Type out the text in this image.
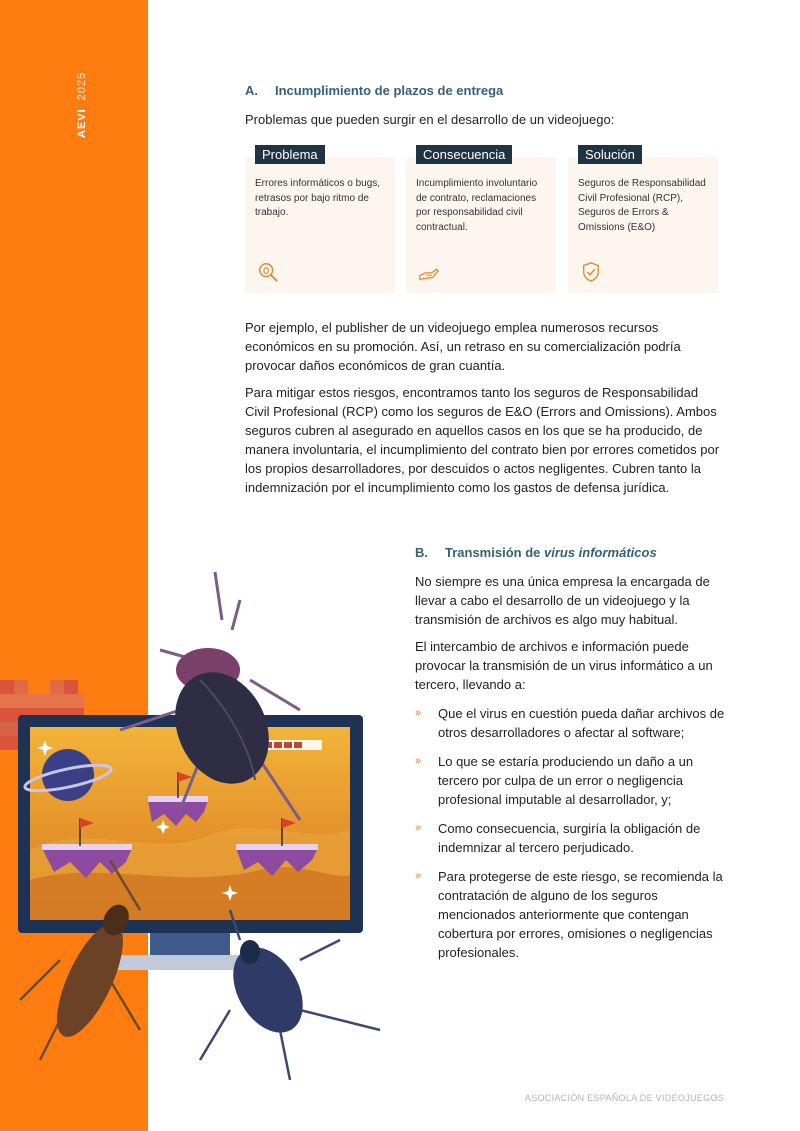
AEVI 2025	A. Incumplimiento de plazos de entrega

Problemas que pueden surgir en el desarrollo de un videojuego:

Problema
Errores informáticos o bugs, retrasos por bajo ritmo de trabajo.
Consecuencia
Incumplimiento involuntario de contrato, reclamaciones por responsabilidad civil contractual.
Solución
Seguros de Responsabilidad Civil Profesional (RCP), Seguros de Errors & Omissions (E&O)

Por ejemplo, el publisher de un videojuego emplea numerosos recursos económicos en su promoción. Así, un retraso en su comercialización podría provocar daños económicos de gran cuantía.

Para mitigar estos riesgos, encontramos tanto los seguros de Responsabilidad Civil Profesional (RCP) como los seguros de E&O (Errors and Omissions). Ambos seguros cubren al asegurado en aquellos casos en los que se ha producido, de manera involuntaria, el incumplimiento del contrato bien por errores cometidos por los propios desarrolladores, por descuidos o actos negligentes. Cubren tanto la indemnización por el incumplimiento como los gastos de defensa jurídica.

B. Transmisión de virus informáticos

No siempre es una única empresa la encargada de llevar a cabo el desarrollo de un videojuego y la transmisión de archivos es algo muy habitual.

El intercambio de archivos e información puede provocar la transmisión de un virus informático a un tercero, llevando a:

» Que el virus en cuestión pueda dañar archivos de otros desarrolladores o afectar al software;
» Lo que se estaría produciendo un daño a un tercero por culpa de un error o negligencia profesional imputable al desarrollador, y;
» Como consecuencia, surgiría la obligación de indemnizar al tercero perjudicado.
» Para protegerse de este riesgo, se recomienda la contratación de alguno de los seguros mencionados anteriormente que contengan cobertura por errores, omisiones o negligencias profesionales.
ASOCIACIÓN ESPAÑOLA DE VIDEOJUEGOS
